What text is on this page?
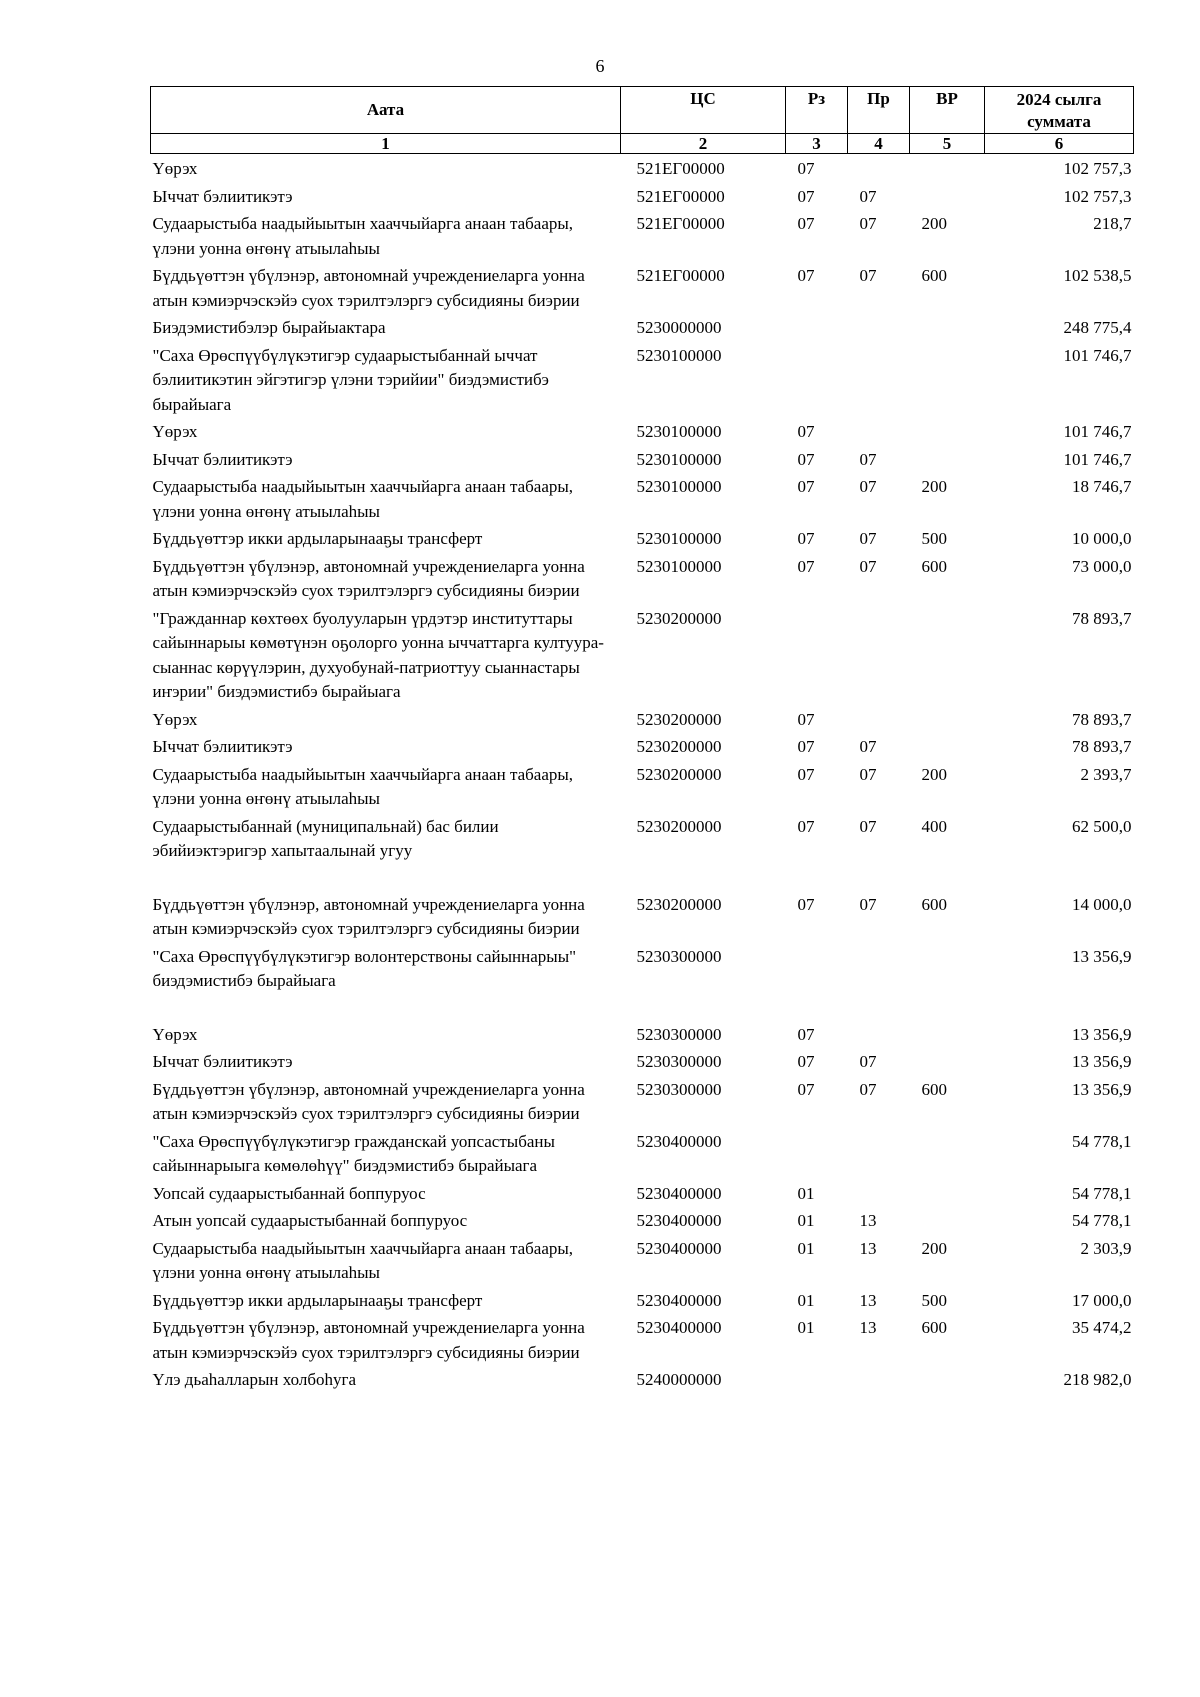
6
Аата	ЦС	Рз	Пр	ВР	2024 сылга суммата
1	2	3	4	5	6
Үөрэх	521ЕГ00000	07			102 757,3
Ыччат бэлиитикэтэ	521ЕГ00000	07	07		102 757,3
Судаарыстыба наадыйыытын хааччыйарга анаан табаары, үлэни уонна өҥөнү атыылаһыы	521ЕГ00000	07	07	200	218,7
Бүддьүөттэн үбүлэнэр, автономнай учреждениеларга уонна атын кэмиэрчэскэйэ суох тэрилтэлэргэ субсидияны биэрии	521ЕГ00000	07	07	600	102 538,5
Биэдэмистибэлэр бырайыактара	5230000000				248 775,4
"Саха Өрөспүүбүлүкэтигэр судаарыстыбаннай ыччат бэлиитикэтин эйгэтигэр үлэни тэрийии" биэдэмистибэ бырайыага	5230100000				101 746,7
Үөрэх	5230100000	07			101 746,7
Ыччат бэлиитикэтэ	5230100000	07	07		101 746,7
Судаарыстыба наадыйыытын хааччыйарга анаан табаары, үлэни уонна өҥөнү атыылаһыы	5230100000	07	07	200	18 746,7
Бүддьүөттэр икки ардыларынааҕы трансферт	5230100000	07	07	500	10 000,0
Бүддьүөттэн үбүлэнэр, автономнай учреждениеларга уонна атын кэмиэрчэскэйэ суох тэрилтэлэргэ субсидияны биэрии	5230100000	07	07	600	73 000,0
"Гражданнар көхтөөх буолууларын үрдэтэр институттары сайыннарыы көмөтүнэн оҕолорго уонна ыччаттарга култуура-сыаннас көрүүлэрин, духуобунай-патриоттуу сыаннастары иҥэрии" биэдэмистибэ бырайыага	5230200000				78 893,7
Үөрэх	5230200000	07			78 893,7
Ыччат бэлиитикэтэ	5230200000	07	07		78 893,7
Судаарыстыба наадыйыытын хааччыйарга анаан табаары, үлэни уонна өҥөнү атыылаһыы	5230200000	07	07	200	2 393,7
Судаарыстыбаннай (муниципальнай) бас билии эбийиэктэригэр хапытаалынай угуу	5230200000	07	07	400	62 500,0
Бүддьүөттэн үбүлэнэр, автономнай учреждениеларга уонна атын кэмиэрчэскэйэ суох тэрилтэлэргэ субсидияны биэрии	5230200000	07	07	600	14 000,0
"Саха Өрөспүүбүлүкэтигэр волонтерствоны сайыннарыы" биэдэмистибэ бырайыага	5230300000				13 356,9
Үөрэх	5230300000	07			13 356,9
Ыччат бэлиитикэтэ	5230300000	07	07		13 356,9
Бүддьүөттэн үбүлэнэр, автономнай учреждениеларга уонна атын кэмиэрчэскэйэ суох тэрилтэлэргэ субсидияны биэрии	5230300000	07	07	600	13 356,9
"Саха Өрөспүүбүлүкэтигэр гражданскай уопсастыбаны сайыннарыыга көмөлөһүү" биэдэмистибэ бырайыага	5230400000				54 778,1
Уопсай судаарыстыбаннай боппуруос	5230400000	01			54 778,1
Атын уопсай судаарыстыбаннай боппуруос	5230400000	01	13		54 778,1
Судаарыстыба наадыйыытын хааччыйарга анаан табаары, үлэни уонна өҥөнү атыылаһыы	5230400000	01	13	200	2 303,9
Бүддьүөттэр икки ардыларынааҕы трансферт	5230400000	01	13	500	17 000,0
Бүддьүөттэн үбүлэнэр, автономнай учреждениеларга уонна атын кэмиэрчэскэйэ суох тэрилтэлэргэ субсидияны биэрии	5230400000	01	13	600	35 474,2
Үлэ дьаһалларын холбоһуга	5240000000				218 982,0
